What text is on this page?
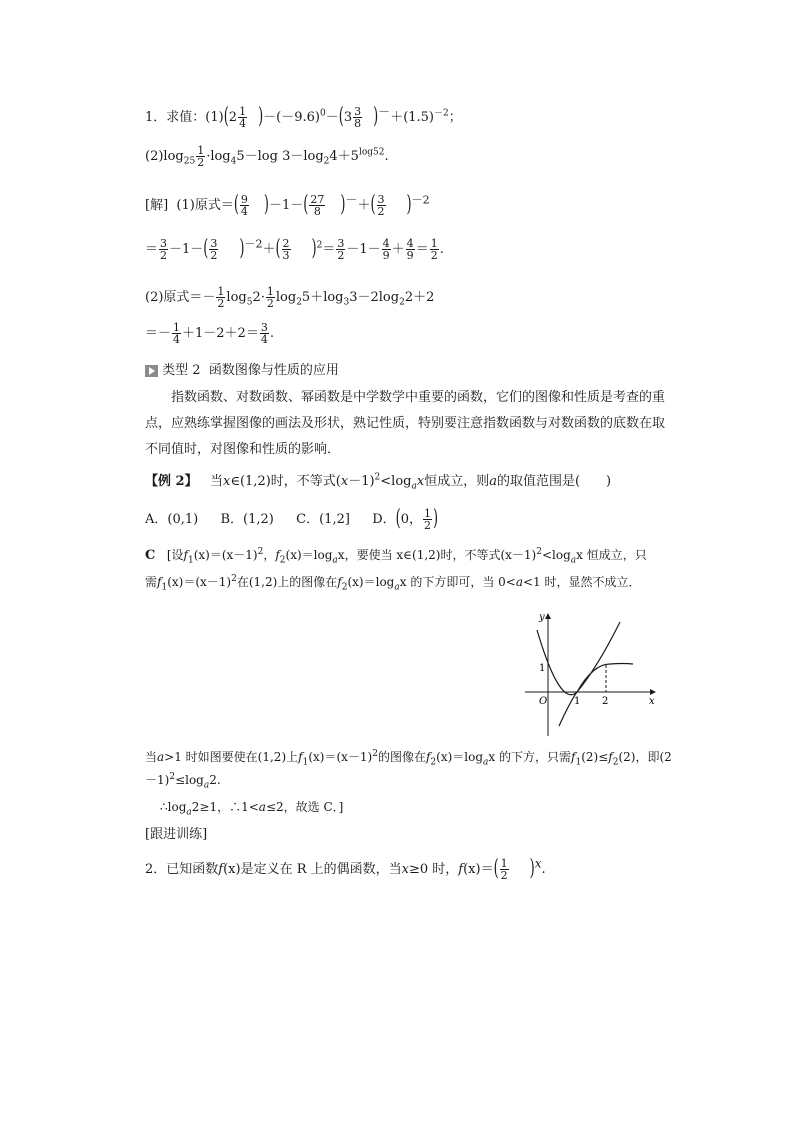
1．求值：$(1)(2 \frac{1}{4} )-(-9.6)^0-(3 \frac{3}{8} )^-+(1.5)^{-2}$；
$(2)\log_{25} \frac{1}{2} \cdot\log_45-\log$ $3-\log_24+5^{log52}$.
[解] (1)原式＝( $\frac{9}{4} )-1-( \frac{27}{8} )^-+( \frac{3}{2} )^{-2}$
＝ $\frac{3}{2} -1-( \frac{3}{2} )^{-2}+( \frac{2}{3} )^2= \frac{3}{2} -1- \frac{4}{9} + \frac{4}{9} = \frac{1}{2}$ .
(2)原式＝－ $\frac{1}{2} \log_52\cdot \frac{1}{2} \log_25+\log_33-2\log_22+2$
＝－ $\frac{1}{4} +1-2+2= \frac{3}{4}$ .
类型 2 函数图像与性质的应用
指数函数、对数函数、幂函数是中学数学中重要的函数，它们的图像和性质是考查的重点，应熟练掌握图像的画法及形状，熟记性质，特别要注意指数函数与对数函数的底数在取不同值时，对图像和性质的影响．
【例 2】 当x∈(1,2)时，不等式$(x-1)^2<\log_ax$恒成立，则a的取值范围是(　　)
A．(0,1) B．(1,2) C．(1,2] D．(0， $\frac{1}{2}$ )
C [设$f_1(x)=(x-1)^2$，$f_2(x)=\log_ax$，要使当 x∈(1,2)时，不等式$(x-1)^2<\log_ax$ 恒成立，只
需$f_1(x)=(x-1)^2$在(1,2)上的图像在$f_2(x)=\log_ax$ 的下方即可，当 0<a<1 时，显然不成立．
y
x
O
1
1 2
当a>1 时如图要使在(1,2)上$f_1(x)=(x-1)^2$的图像在$f_2(x)=\log_ax$ 的下方，只需$f_1(2)\le f_2(2)$，即(2
$-1)^2\le\log_a2$.
$\therefore\log_a2\ge 1$，∴1<a≤2，故选 C．]
[跟进训练]
2．已知函数f(x)是定义在 R 上的偶函数，当x≥0 时，$f(x)=( \frac{1}{2} )^x$.
